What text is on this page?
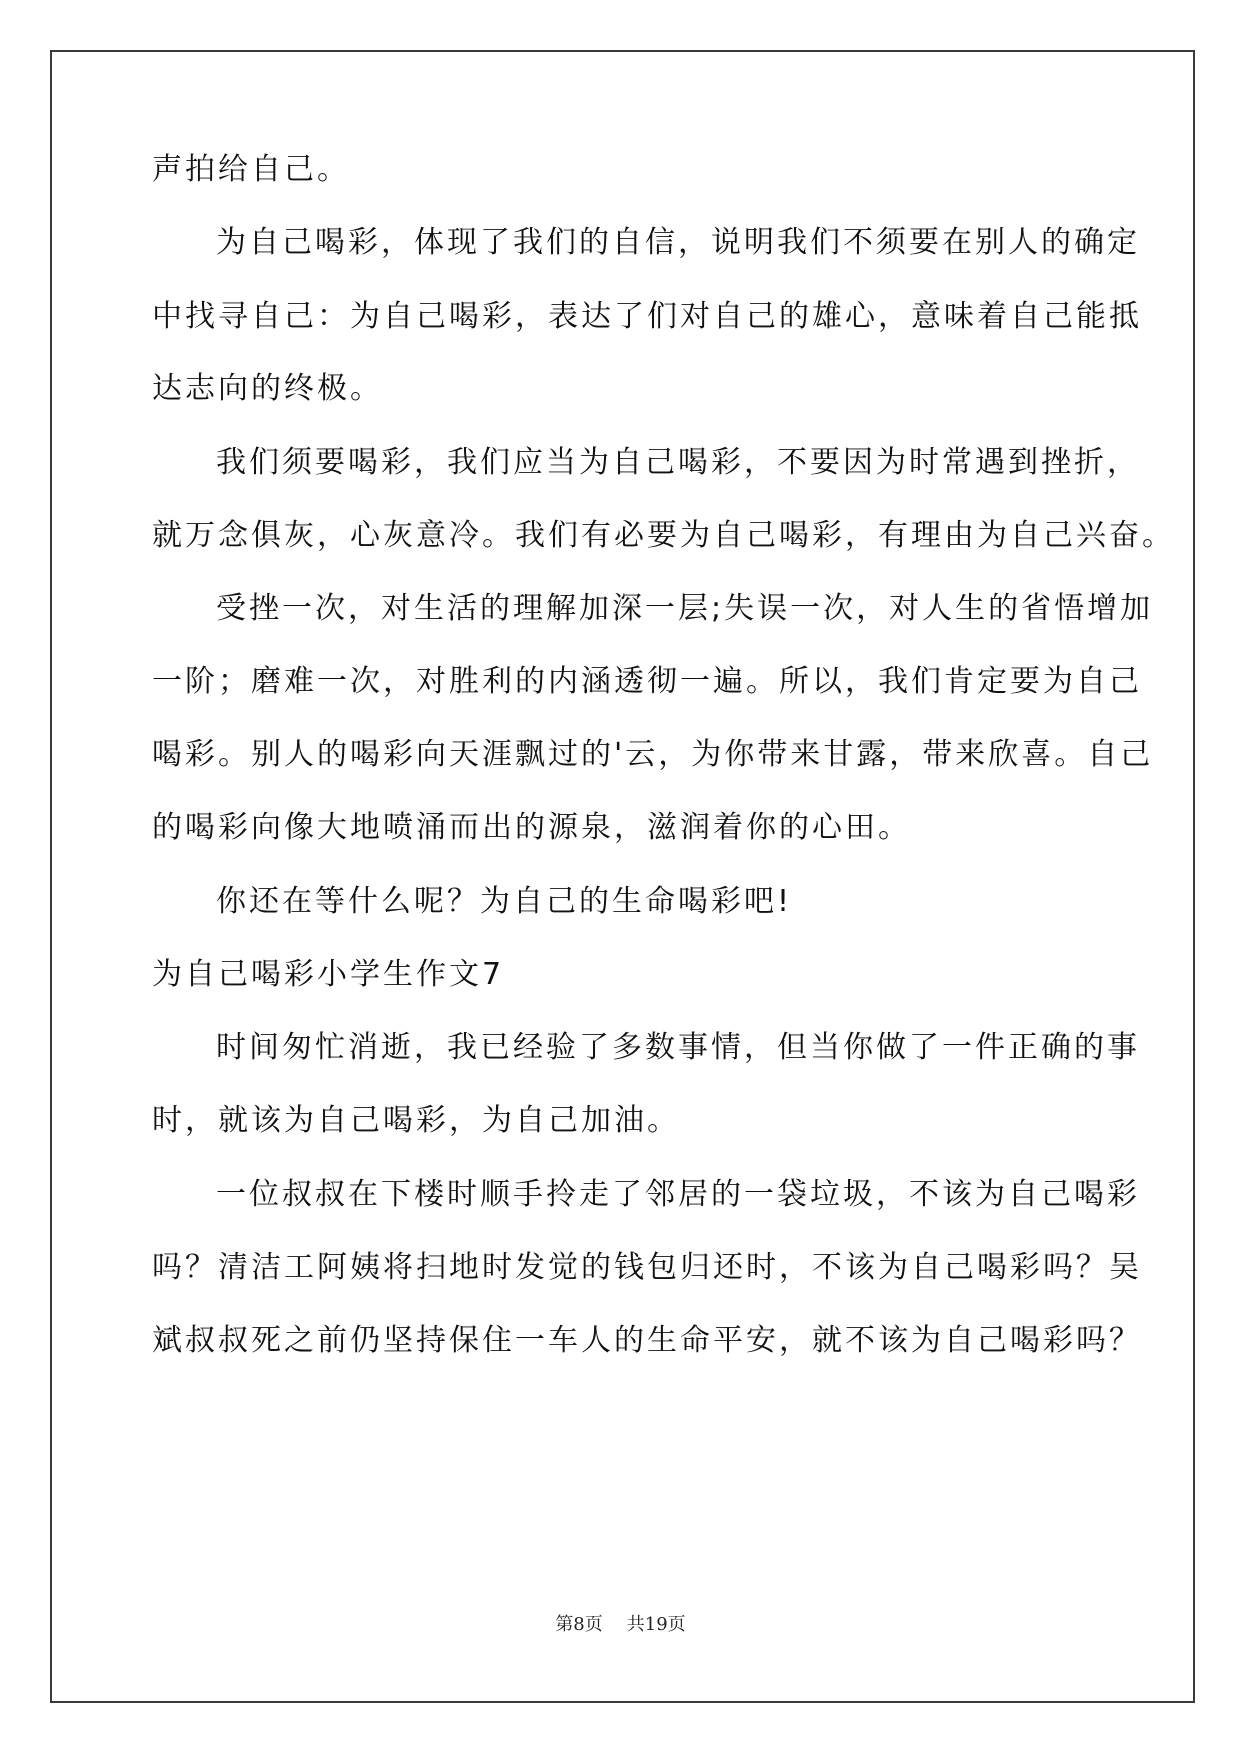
声拍给自己。
为自己喝彩，体现了我们的自信，说明我们不须要在别人的确定
中找寻自己：为自己喝彩，表达了们对自己的雄心，意味着自己能抵
达志向的终极。
我们须要喝彩，我们应当为自己喝彩，不要因为时常遇到挫折，
就万念俱灰，心灰意冷。我们有必要为自己喝彩，有理由为自己兴奋。
受挫一次，对生活的理解加深一层;失误一次，对人生的省悟增加
一阶；磨难一次，对胜利的内涵透彻一遍。所以，我们肯定要为自己
喝彩。别人的喝彩向天涯飘过的'云，为你带来甘露，带来欣喜。自己
的喝彩向像大地喷涌而出的源泉，滋润着你的心田。
你还在等什么呢？为自己的生命喝彩吧!
为自己喝彩小学生作文7
时间匆忙消逝，我已经验了多数事情，但当你做了一件正确的事
时，就该为自己喝彩，为自己加油。
一位叔叔在下楼时顺手拎走了邻居的一袋垃圾，不该为自己喝彩
吗？清洁工阿姨将扫地时发觉的钱包归还时，不该为自己喝彩吗？吴
斌叔叔死之前仍坚持保住一车人的生命平安，就不该为自己喝彩吗？
第8页 共19页
